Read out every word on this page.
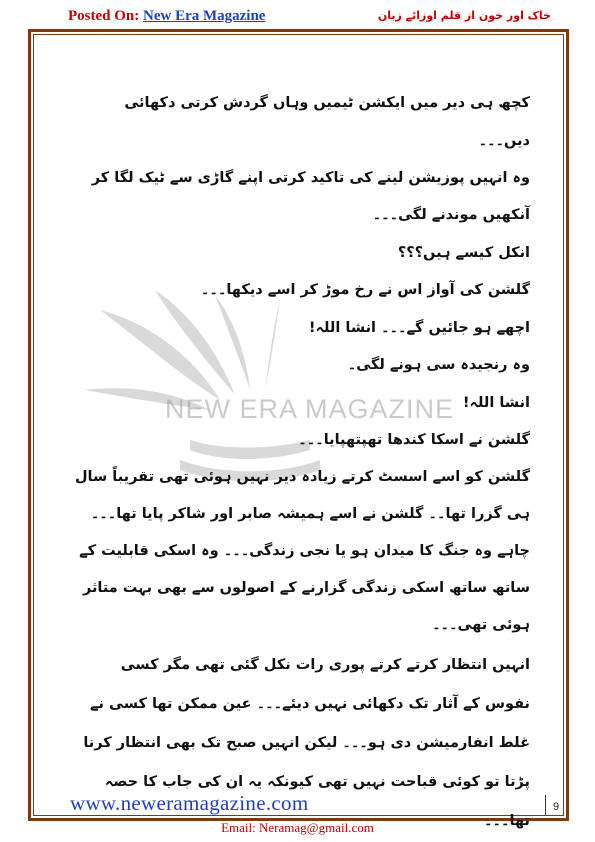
Posted On: New Era Magazine	خاک اور خون از قلم اوزائے زبان
NEW ERA MAGAZINE

کچھ ہی دیر میں ایکشن ٹیمیں وہاں گردش کرتی دکھائی دیں۔۔۔

وہ انہیں پوزیشن لینے کی تاکید کرتی اپنے گاڑی سے ٹیک لگا کر آنکھیں موندنے لگی۔۔۔

انکل کیسے ہیں؟؟؟

گلشن کی آواز اس نے رخ موڑ کر اسے دیکھا۔۔۔

اچھے ہو جائیں گے۔۔۔ انشا اللہ!

وہ رنجیدہ سی ہونے لگی۔

انشا اللہ!

گلشن نے اسکا کندھا تھپتھپایا۔۔۔

گلشن کو اسے اسسٹ کرتے زیادہ دیر نہیں ہوئی تھی تقریباً سال ہی گزرا تھا۔۔ گلشن نے اسے ہمیشہ صابر اور شاکر پایا تھا۔۔۔ چاہے وہ جنگ کا میدان ہو یا نجی زندگی۔۔۔ وہ اسکی قابلیت کے ساتھ ساتھ اسکی زندگی گزارنے کے اصولوں سے بھی بہت متاثر ہوئی تھی۔۔۔

انہیں انتظار کرتے کرتے پوری رات نکل گئی تھی مگر کسی نفوس کے آثار تک دکھائی نہیں دیئے۔۔۔ عین ممکن تھا کسی نے غلط انفارمیشن دی ہو۔۔۔ لیکن انہیں صبح تک بھی انتظار کرنا پڑتا تو کوئی قباحت نہیں تھی کیونکہ یہ ان کی جاب کا حصہ تھا۔۔۔

www.neweramagazine.com	9
Email: Neramag@gmail.com
